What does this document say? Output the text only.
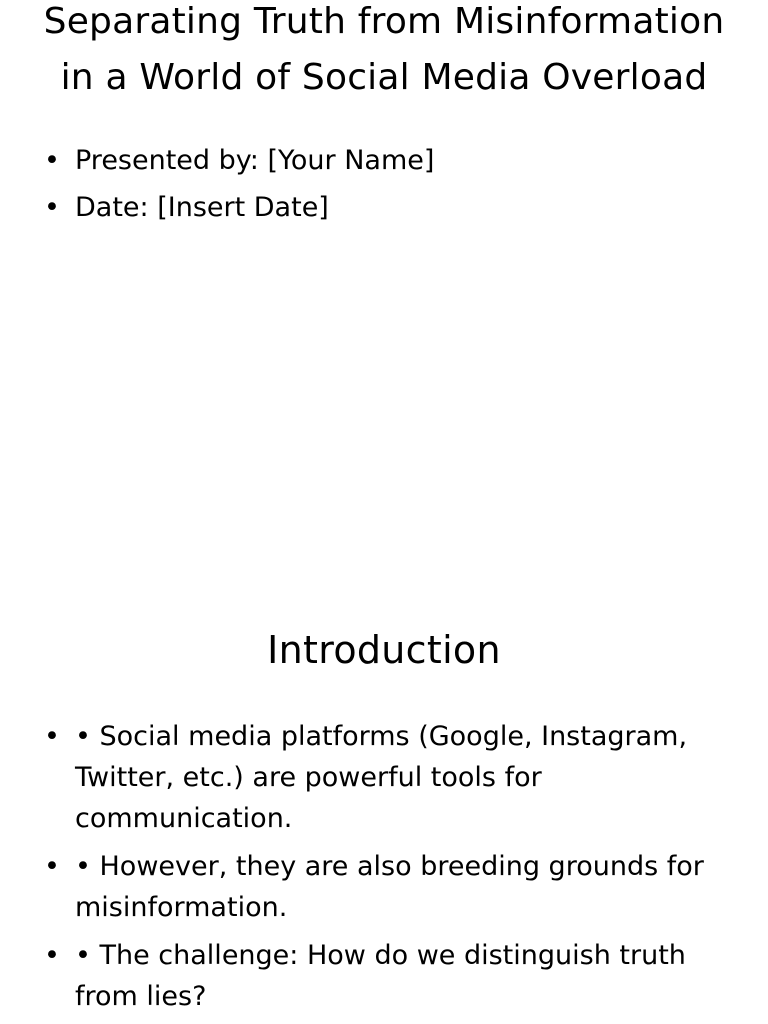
Separating Truth from Misinformation in a World of Social Media Overload
• Presented by: [Your Name]
• Date: [Insert Date]
Introduction
• • Social media platforms (Google, Instagram, Twitter, etc.) are powerful tools for communication.
• • However, they are also breeding grounds for misinformation.
• • The challenge: How do we distinguish truth from lies?
